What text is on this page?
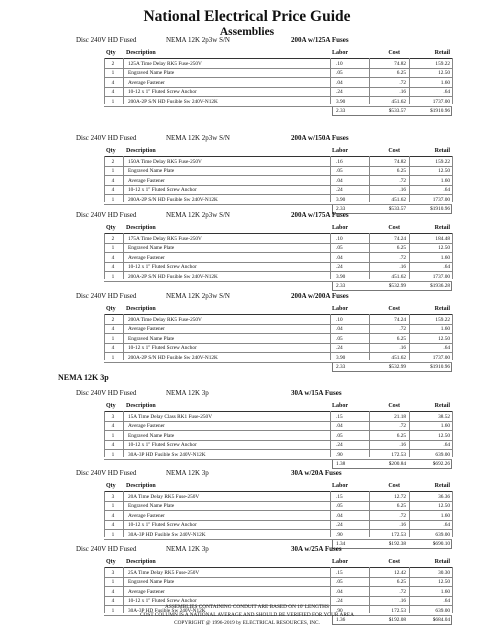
National Electrical Price Guide
Assemblies
NEMA 12K 3p
Disc 240V HD Fused	NEMA 12K 2p3w S/N	200A w/125A Fuses
Qty Description	Labor	Cost	Retail
2	125A Time Delay RK5 Fuse-250V	.10	74.82	159.22
1	Engraved Name Plate	.05	6.25	12.50
4	Average Fastener	.04	.72	1.60
4	10-12 x 1" Fluted Screw Anchor	.24	.16	.64
1	200A-2P S/N HD Fusible Sw 240V-N12K	3.90	451.62	1737.00
2.33	$533.57	$1910.96
Disc 240V HD Fused	NEMA 12K 2p3w S/N	200A w/150A Fuses
Qty Description	Labor	Cost	Retail
2	150A Time Delay RK5 Fuse-250V	.16	74.82	159.22
1	Engraved Name Plate	.05	6.25	12.50
4	Average Fastener	.04	.72	1.60
4	10-12 x 1" Fluted Screw Anchor	.24	.16	.64
1	200A-2P S/N HD Fusible Sw 240V-N12K	3.90	451.62	1737.00
2.33	$533.57	$1910.96
Disc 240V HD Fused	NEMA 12K 2p3w S/N	200A w/175A Fuses
Qty Description	Labor	Cost	Retail
2	175A Time Delay RK5 Fuse-250V	.10	74.24	184.48
1	Engraved Name Plate	.05	6.25	12.50
4	Average Fastener	.04	.72	1.60
4	10-12 x 1" Fluted Screw Anchor	.24	.16	.64
1	200A-2P S/N HD Fusible Sw 240V-N12K	3.90	451.62	1737.00
2.33	$532.99	$1936.28
Disc 240V HD Fused	NEMA 12K 2p3w S/N	200A w/200A Fuses
Qty Description	Labor	Cost	Retail
2	200A Time Delay RK5 Fuse-250V	.10	74.24	159.22
4	Average Fastener	.04	.72	1.60
1	Engraved Name Plate	.05	6.25	12.50
4	10-12 x 1" Fluted Screw Anchor	.24	.16	.64
1	200A-2P S/N HD Fusible Sw 240V-N12K	3.90	451.62	1737.00
2.33	$532.99	$1910.96
Disc 240V HD Fused	NEMA 12K 3p	30A w/15A Fuses
Qty Description	Labor	Cost	Retail
3	15A Time Delay Class RK1 Fuse-250V	.15	21.18	38.52
4	Average Fastener	.04	.72	1.60
1	Engraved Name Plate	.05	6.25	12.50
4	10-12 x 1" Fluted Screw Anchor	.24	.16	.64
1	30A-3P HD Fusible Sw 240V-N12K	.90	172.53	639.00
1.38	$200.84	$692.26
Disc 240V HD Fused	NEMA 12K 3p	30A w/20A Fuses
Qty Description	Labor	Cost	Retail
3	20A Time Delay RK5 Fuse-250V	.15	12.72	36.36
1	Engraved Name Plate	.05	6.25	12.50
4	Average Fastener	.04	.72	1.60
4	10-12 x 1" Fluted Screw Anchor	.24	.16	.64
1	30A-3P HD Fusible Sw 240V-N12K	.90	172.53	639.00
1.34	$192.38	$690.10
Disc 240V HD Fused	NEMA 12K 3p	30A w/25A Fuses
Qty Description	Labor	Cost	Retail
3	25A Time Delay RK5 Fuse-250V	.15	12.42	30.30
1	Engraved Name Plate	.05	6.25	12.50
4	Average Fastener	.04	.72	1.60
4	10-12 x 1" Fluted Screw Anchor	.24	.16	.64
1	30A-3P HD Fusible Sw 240V-N12K	.90	172.53	639.00
1.36	$192.08	$684.04
ASSEMBLIES CONTAINING CONDUIT ARE BASED ON 10' LENGTHS
COST COLUMN IS A NATIONAL AVERAGE AND SHOULD BE VERIFIED FOR YOUR AREA
COPYRIGHT @ 1996-2019 by ELECTRICAL RESOURCES, INC.
